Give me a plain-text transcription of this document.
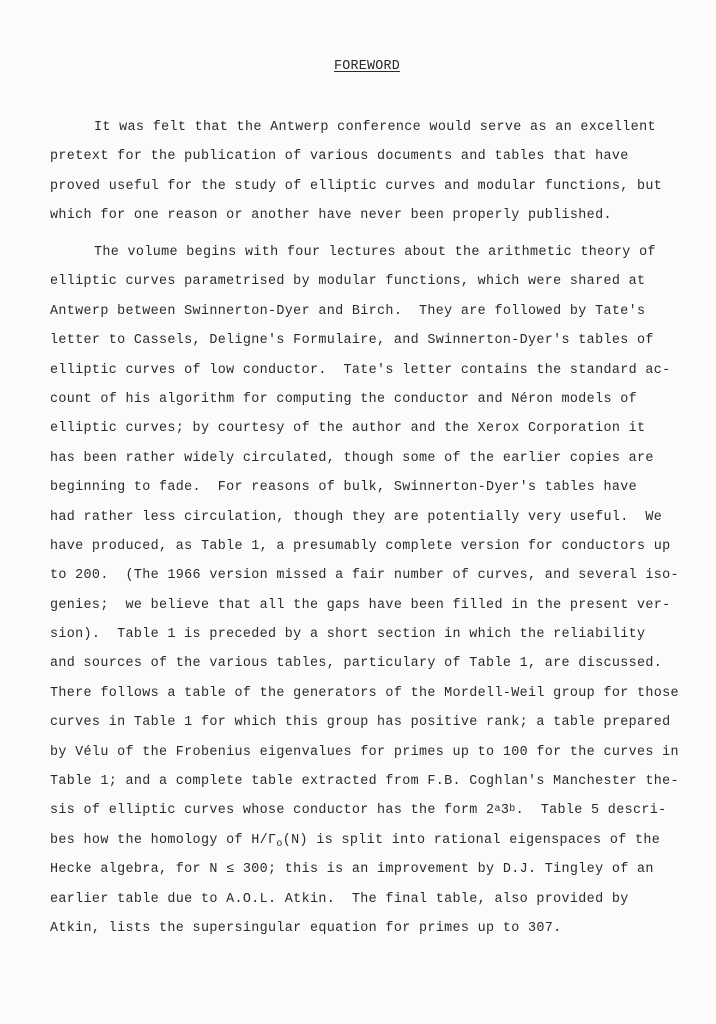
FOREWORD
It was felt that the Antwerp conference would serve as an excellent
pretext for the publication of various documents and tables that have
proved useful for the study of elliptic curves and modular functions, but
which for one reason or another have never been properly published.
The volume begins with four lectures about the arithmetic theory of
elliptic curves parametrised by modular functions, which were shared at
Antwerp between Swinnerton-Dyer and Birch.  They are followed by Tate's
letter to Cassels, Deligne's Formulaire, and Swinnerton-Dyer's tables of
elliptic curves of low conductor.  Tate's letter contains the standard ac-
count of his algorithm for computing the conductor and Néron models of
elliptic curves; by courtesy of the author and the Xerox Corporation it
has been rather widely circulated, though some of the earlier copies are
beginning to fade.  For reasons of bulk, Swinnerton-Dyer's tables have
had rather less circulation, though they are potentially very useful.  We
have produced, as Table 1, a presumably complete version for conductors up
to 200.  (The 1966 version missed a fair number of curves, and several iso-
genies;  we believe that all the gaps have been filled in the present ver-
sion).  Table 1 is preceded by a short section in which the reliability
and sources of the various tables, particulary of Table 1, are discussed.
There follows a table of the generators of the Mordell-Weil group for those
curves in Table 1 for which this group has positive rank; a table prepared
by Vélu of the Frobenius eigenvalues for primes up to 100 for the curves in
Table 1; and a complete table extracted from F.B. Coghlan's Manchester the-
sis of elliptic curves whose conductor has the form 2$^a$3$^b$.  Table 5 descri-
bes how the homology of $H/\Gamma_o(N)$ is split into rational eigenspaces of the
Hecke algebra, for N ≤ 300; this is an improvement by D.J. Tingley of an
earlier table due to A.O.L. Atkin.  The final table, also provided by
Atkin, lists the supersingular equation for primes up to 307.
